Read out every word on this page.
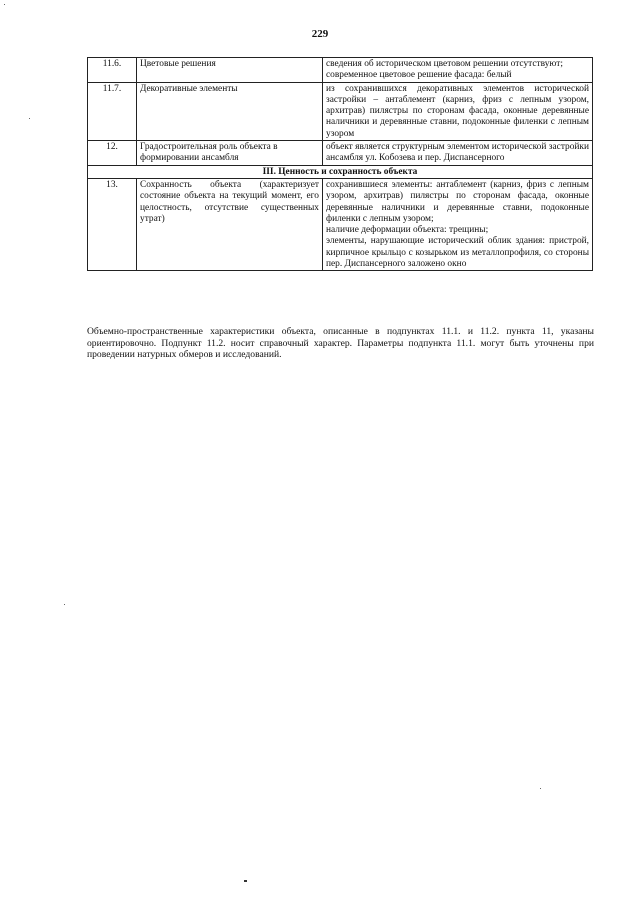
229
11.6.	Цветовые решения	сведения об историческом цветовом решении отсутствуют;
современное цветовое решение фасада: белый

11.7.	Декоративные элементы	из сохранившихся декоративных элементов исторической застройки – антаблемент (карниз, фриз с лепным узором, архитрав) пилястры по сторонам фасада, оконные деревянные наличники и деревянные ставни, подоконные филенки с лепным узором

12.	Градостроительная роль объекта в формировании ансамбля	объект является структурным элементом исторической застройки ансамбля ул. Кобозева и пер. Диспансерного

III. Ценность и сохранность объекта		
13.	Сохранность объекта (характеризует состояние объекта на текущий момент, его целостность, отсутствие существенных утрат)	сохранившиеся элементы: антаблемент (карниз, фриз с лепным узором, архитрав) пилястры по сторонам фасада, оконные деревянные наличники и деревянные ставни, подоконные филенки с лепным узором;
наличие деформации объекта: трещины;
элементы, нарушающие исторический облик здания: пристрой, кирпичное крыльцо с козырьком из металлопрофиля, со стороны пер. Диспансерного заложено окно

Объемно-пространственные характеристики объекта, описанные в подпунктах 11.1. и 11.2. пункта 11, указаны ориентировочно. Подпункт 11.2. носит справочный характер. Параметры подпункта 11.1. могут быть уточнены при проведении натурных обмеров и исследований.
